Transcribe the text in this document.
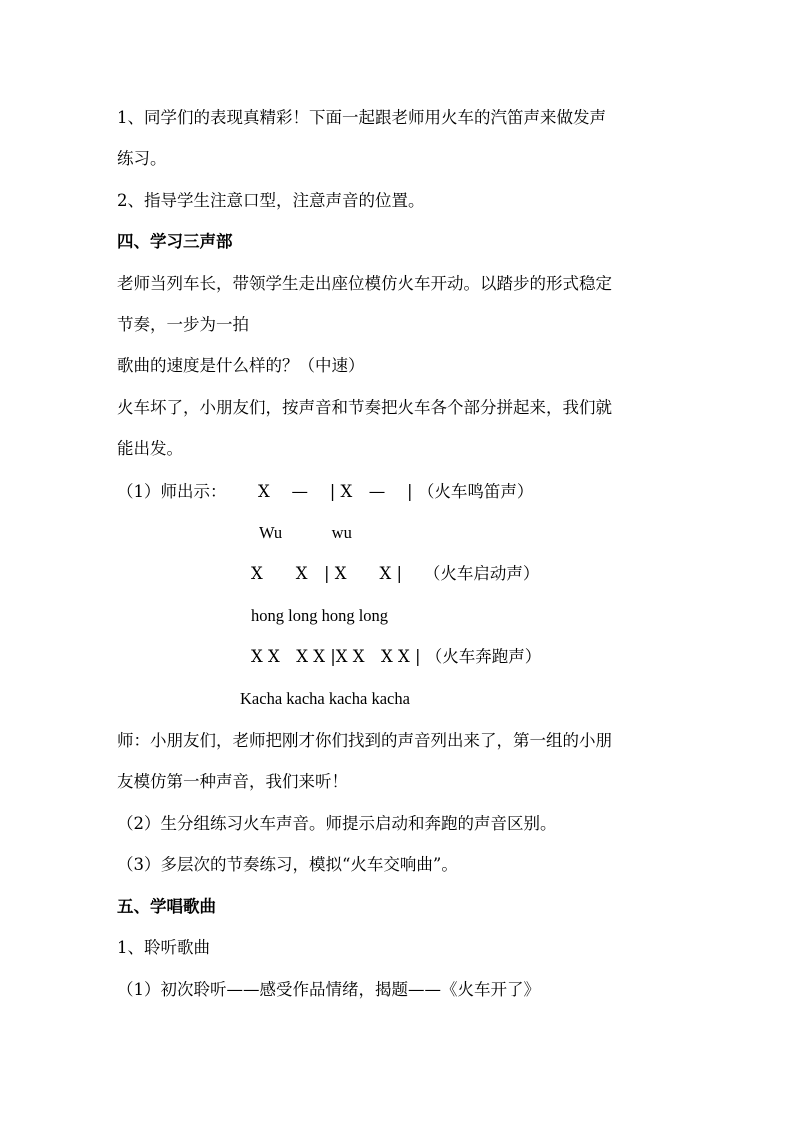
1、同学们的表现真精彩！下面一起跟老师用火车的汽笛声来做发声
练习。
2、指导学生注意口型，注意声音的位置。
四、学习三声部
老师当列车长，带领学生走出座位模仿火车开动。以踏步的形式稳定
节奏，一步为一拍
歌曲的速度是什么样的？（中速）
火车坏了，小朋友们，按声音和节奏把火车各个部分拼起来，我们就
能出发。
（1）师出示： X　 —　 | X　—　 | （火车鸣笛声）
Wu　　　wu
X　　X　| X　　X |　 （火车启动声）
hong long hong long
X X　X X |X X　X X | （火车奔跑声）
Kacha kacha kacha kacha
师：小朋友们，老师把刚才你们找到的声音列出来了，第一组的小朋
友模仿第一种声音，我们来听！
（2）生分组练习火车声音。师提示启动和奔跑的声音区别。
（3）多层次的节奏练习，模拟“火车交响曲”。
五、学唱歌曲
1、聆听歌曲
（1）初次聆听——感受作品情绪，揭题——《火车开了》
